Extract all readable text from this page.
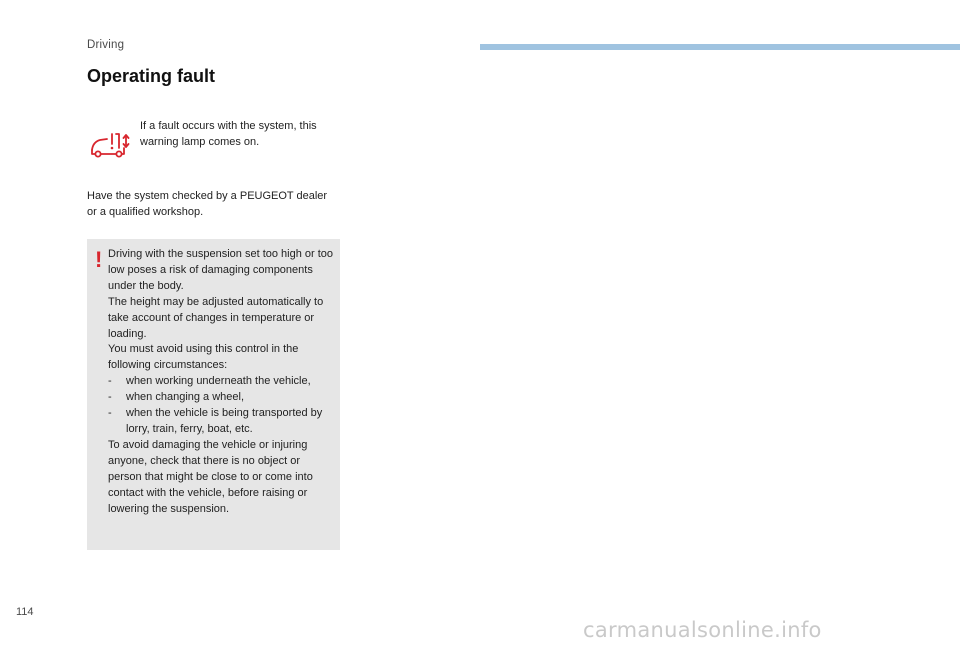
Driving
Operating fault

If a fault occurs with the system, this warning lamp comes on.

Have the system checked by a PEUGEOT dealer or a qualified workshop.

! Driving with the suspension set too high or too low poses a risk of damaging components under the body.

The height may be adjusted automatically to take account of changes in temperature or loading.

You must avoid using this control in the following circumstances:

- when working underneath the vehicle,
- when changing a wheel,
- when the vehicle is being transported by lorry, train, ferry, boat, etc.

To avoid damaging the vehicle or injuring anyone, check that there is no object or person that might be close to or come into contact with the vehicle, before raising or lowering the suspension.

114
carmanualsonline.info
